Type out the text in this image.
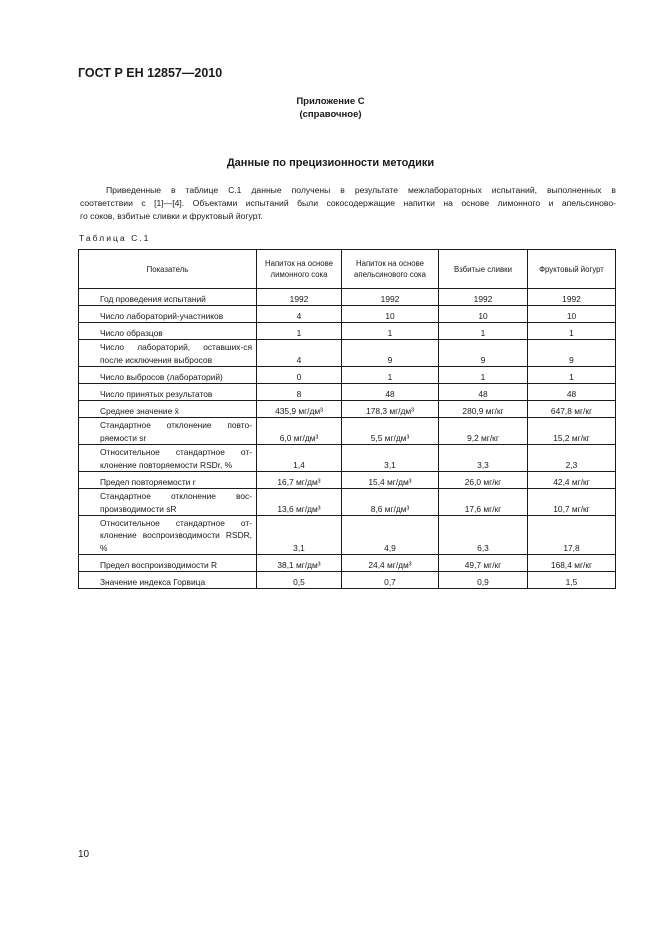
ГОСТ Р ЕН 12857—2010
Приложение С
(справочное)
Данные по прецизионности методики

Приведенные в таблице С.1 данные получены в результате межлабораторных испытаний, выполненных в
соответствии с [1]—[4]. Объектами испытаний были сокосодержащие напитки на основе лимонного и апельсиново-
го соков, взбитые сливки и фруктовый йогурт.

Таблица С.1
Показатель	Напиток на основе лимонного сока	Напиток на основе апельсинового сока	Взбитые сливки	Фруктовый йогурт
Год проведения испытаний	1992	1992	1992	1992
Число лабораторий-участников	4	10	10	10
Число образцов	1	1	1	1
Число лабораторий, оставших-ся после исключения выбросов	4	9	9	9
Число выбросов (лабораторий)	0	1	1	1
Число принятых результатов	8	48	48	48
Среднее значение x̄	435,9 мг/дм³	178,3 мг/дм³	280,9 мг/кг	647,8 мг/кг
Стандартное отклонение повто-ряемости sr	6,0 мг/дм³	5,5 мг/дм³	9,2 мг/кг	15,2 мг/кг
Относительное стандартное от-клонение повторяемости RSDr, %	1,4	3,1	3,3	2,3
Предел повторяемости r	16,7 мг/дм³	15,4 мг/дм³	26,0 мг/кг	42,4 мг/кг
Стандартное отклонение вос-производимости sR	13,6 мг/дм³	8,6 мг/дм³	17,6 мг/кг	10,7 мг/кг
Относительное стандартное от-клонение воспроизводимости RSDR, %	3,1	4,9	6,3	17,8
Предел воспроизводимости R	38,1 мг/дм³	24,4 мг/дм³	49,7 мг/кг	168,4 мг/кг
Значение индекса Горвица	0,5	0,7	0,9	1,5
10
